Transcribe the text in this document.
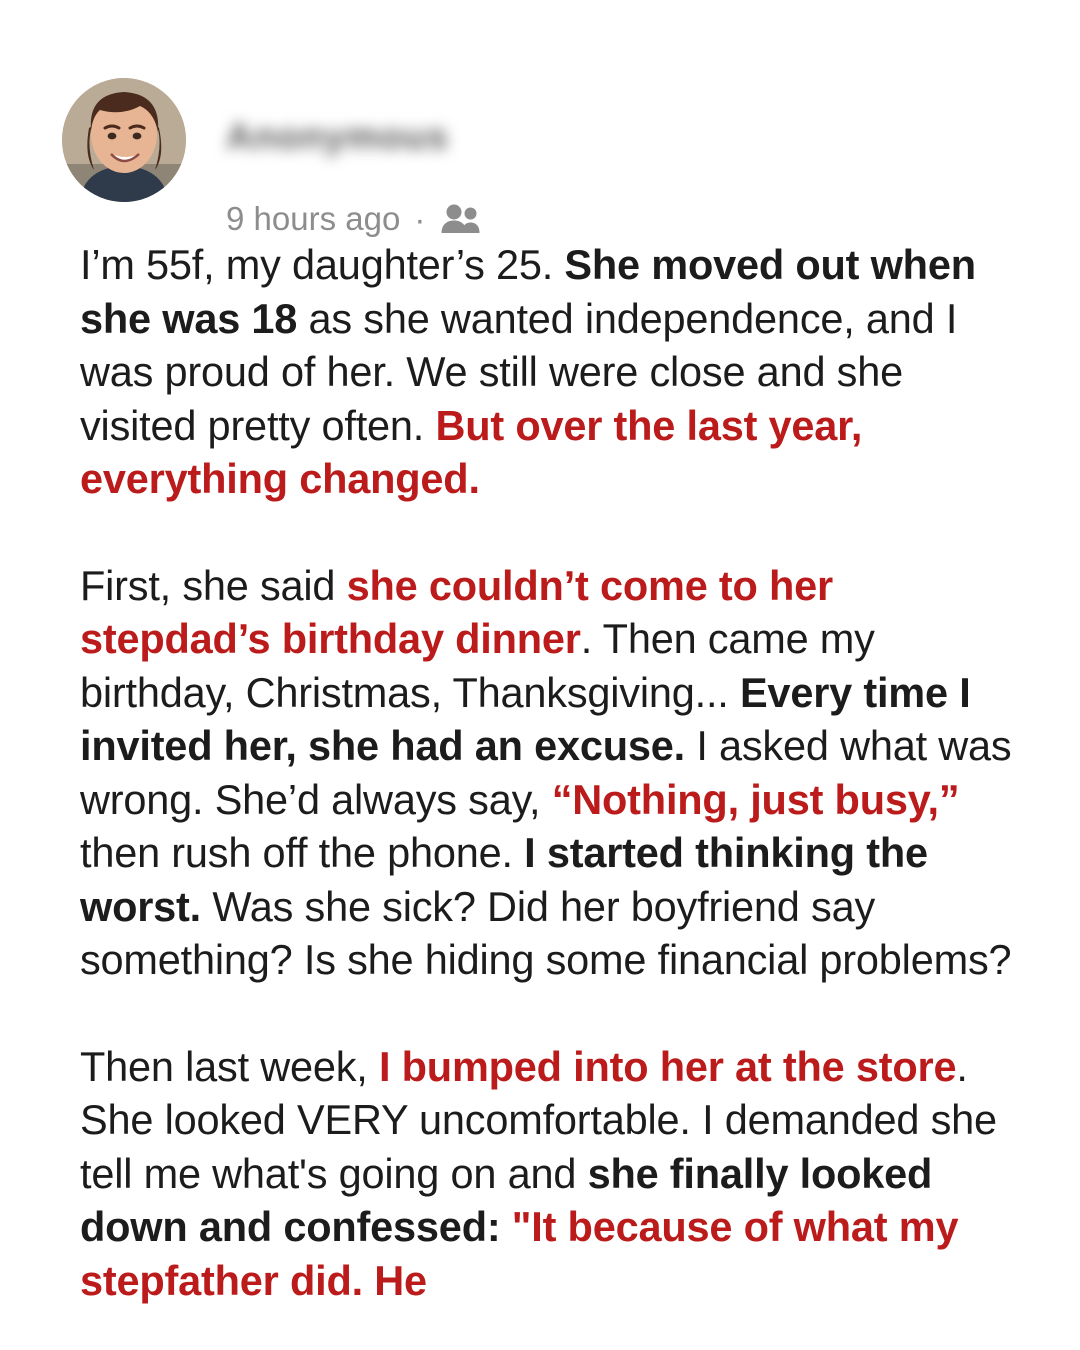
Anonymous
9 hours ago ·

I’m 55f, my daughter’s 25. She moved out when she was 18 as she wanted independence, and I was proud of her. We still were close and she visited pretty often. But over the last year, everything changed.

First, she said she couldn’t come to her stepdad’s birthday dinner. Then came my birthday, Christmas, Thanksgiving... Every time I invited her, she had an excuse. I asked what was wrong. She’d always say, “Nothing, just busy,” then rush off the phone. I started thinking the worst. Was she sick? Did her boyfriend say something? Is she hiding some financial problems?

Then last week, I bumped into her at the store. She looked VERY uncomfortable. I demanded she tell me what's going on and she finally looked down and confessed: "It because of what my stepfather did. He
